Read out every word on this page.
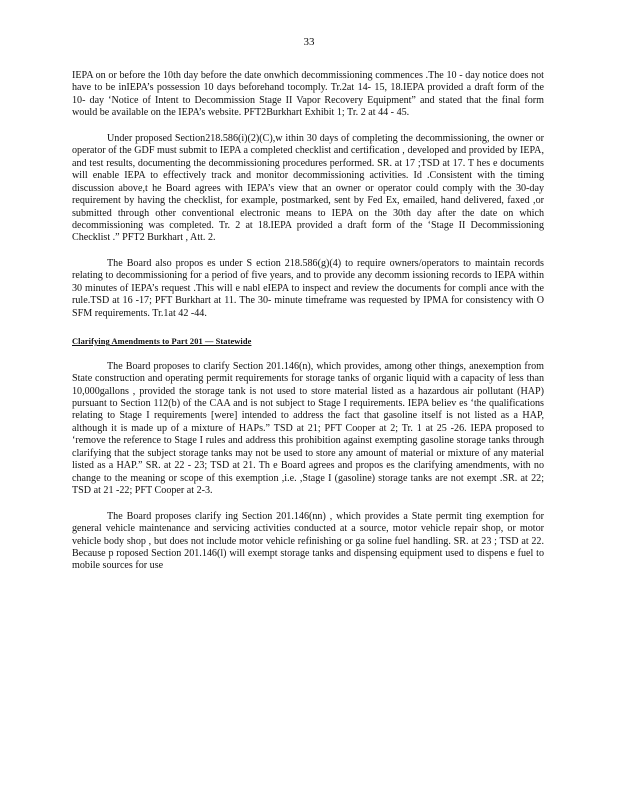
33

IEPA on or before the 10th day before the date onwhich decommissioning commences .The 10 - day notice does not have to be inIEPA’s possession 10 days beforehand tocomply. Tr.2at 14- 15, 18.IEPA provided a draft form of the 10- day ‘Notice of Intent to Decommission Stage II Vapor Recovery Equipment” and stated that the final form would be available on the IEPA’s website. PFT2Burkhart Exhibit 1; Tr. 2 at 44 - 45.

Under proposed Section218.586(i)(2)(C),w ithin 30 days of completing the decommissioning, the owner or operator of the GDF must submit to IEPA a completed checklist and certification , developed and provided by IEPA, and test results, documenting the decommissioning procedures performed. SR. at 17 ;TSD at 17. T hes e documents will enable IEPA to effectively track and monitor decommissioning activities. Id .Consistent with the timing discussion above,t he Board agrees with IEPA’s view that an owner or operator could comply with the 30-day requirement by having the checklist, for example, postmarked, sent by Fed Ex, emailed, hand delivered, faxed ,or submitted through other conventional electronic means to IEPA on the 30th day after the date on which decommissioning was completed. Tr. 2 at 18.IEPA provided a draft form of the ‘Stage II Decommissioning Checklist .” PFT2 Burkhart , Att. 2.

The Board also propos es under S ection 218.586(g)(4) to require owners/operators to maintain records relating to decommissioning for a period of five years, and to provide any decomm issioning records to IEPA within 30 minutes of IEPA’s request .This will e nabl eIEPA to inspect and review the documents for compli ance with the rule.TSD at 16 -17; PFT Burkhart at 11. The 30- minute timeframe was requested by IPMA for consistency with O SFM requirements. Tr.1at 42 -44.

Clarifying Amendments to Part 201 — Statewide

The Board proposes to clarify Section 201.146(n), which provides, among other things, anexemption from State construction and operating permit requirements for storage tanks of organic liquid with a capacity of less than 10,000gallons , provided the storage tank is not used to store material listed as a hazardous air pollutant (HAP) pursuant to Section 112(b) of the CAA and is not subject to Stage I requirements. IEPA believ es ‘the qualifications relating to Stage I requirements [were] intended to address the fact that gasoline itself is not listed as a HAP, although it is made up of a mixture of HAPs.” TSD at 21; PFT Cooper at 2; Tr. 1 at 25 -26. IEPA proposed to ‘remove the reference to Stage I rules and address this prohibition against exempting gasoline storage tanks through clarifying that the subject storage tanks may not be used to store any amount of material or mixture of any material listed as a HAP.” SR. at 22 - 23; TSD at 21. Th e Board agrees and propos es the clarifying amendments, with no change to the meaning or scope of this exemption ,i.e. ,Stage I (gasoline) storage tanks are not exempt .SR. at 22; TSD at 21 -22; PFT Cooper at 2-3.

The Board proposes clarify ing Section 201.146(nn) , which provides a State permit ting exemption for general vehicle maintenance and servicing activities conducted at a source, motor vehicle repair shop, or motor vehicle body shop , but does not include motor vehicle refinishing or ga soline fuel handling. SR. at 23 ; TSD at 22. Because p roposed Section 201.146(l) will exempt storage tanks and dispensing equipment used to dispens e fuel to mobile sources for use
